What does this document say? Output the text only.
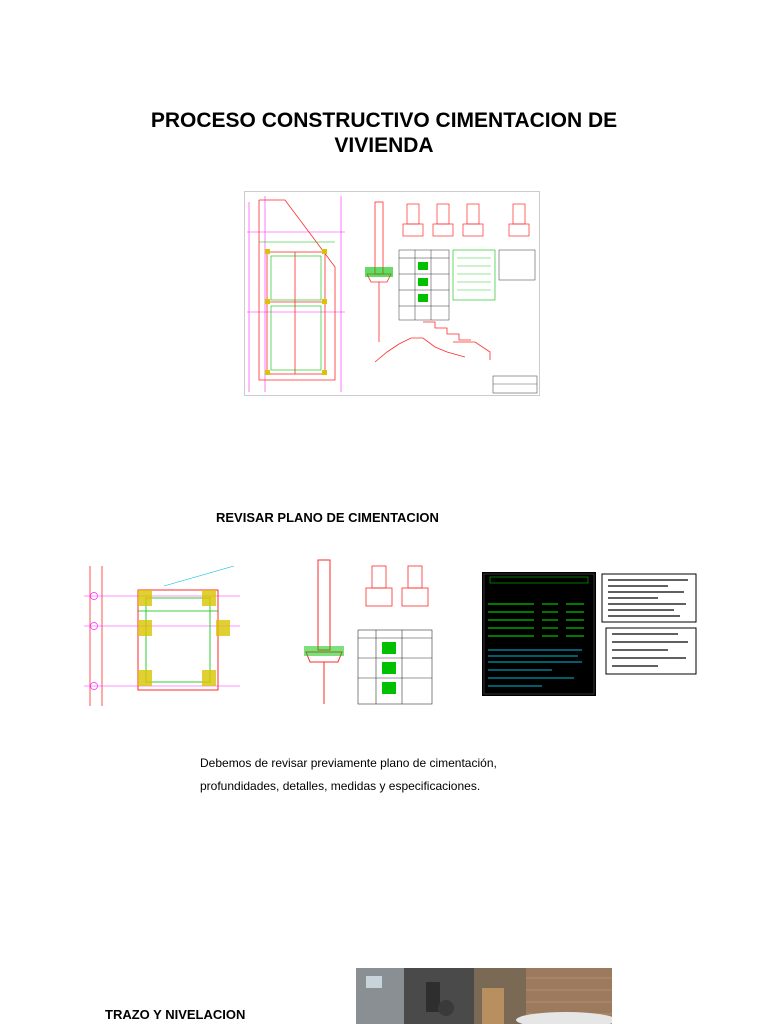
PROCESO CONSTRUCTIVO CIMENTACION DE
VIVIENDA
REVISAR PLANO DE CIMENTACION

Debemos de revisar previamente plano de cimentación, profundidades, detalles, medidas y especificaciones.

TRAZO Y NIVELACION
